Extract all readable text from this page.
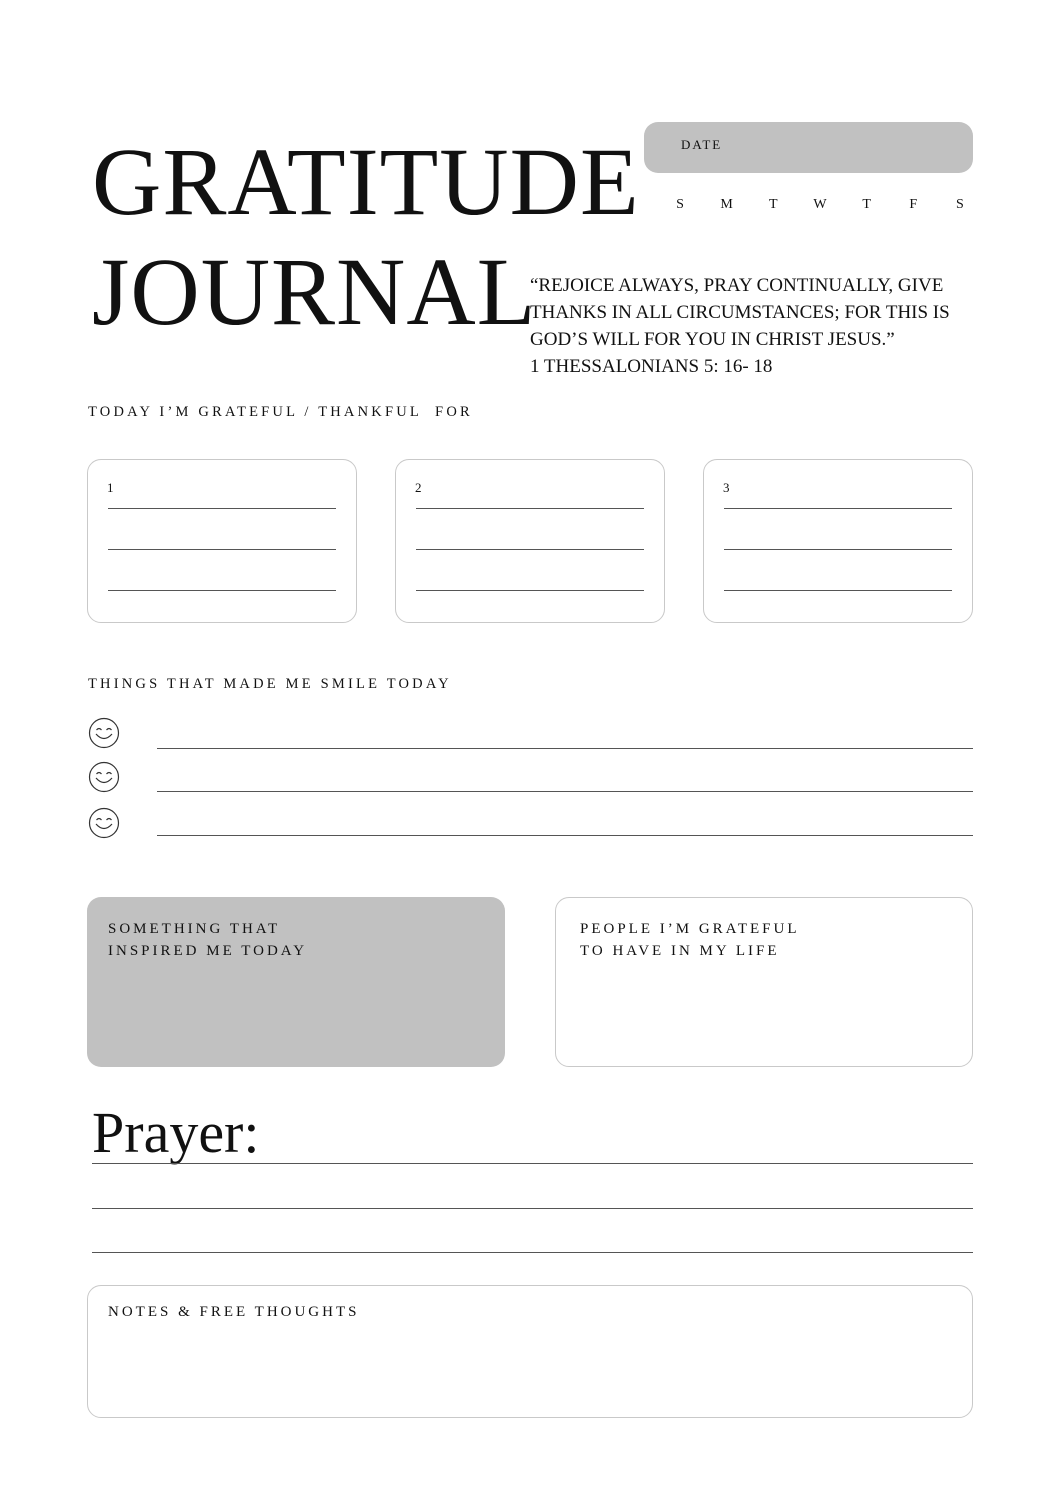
GRATITUDE
JOURNAL
DATE
S	M	T	W	T	F	S
“REJOICE ALWAYS, PRAY CONTINUALLY, GIVE
THANKS IN ALL CIRCUMSTANCES; FOR THIS IS
GOD’S WILL FOR YOU IN CHRIST JESUS.”
1 THESSALONIANS 5: 16- 18
TODAY I’M GRATEFUL / THANKFUL  FOR
1	2	3
THINGS THAT MADE ME SMILE TODAY
SOMETHING THAT
INSPIRED ME TODAY
PEOPLE I’M GRATEFUL
TO HAVE IN MY LIFE
Prayer:
NOTES & FREE THOUGHTS
